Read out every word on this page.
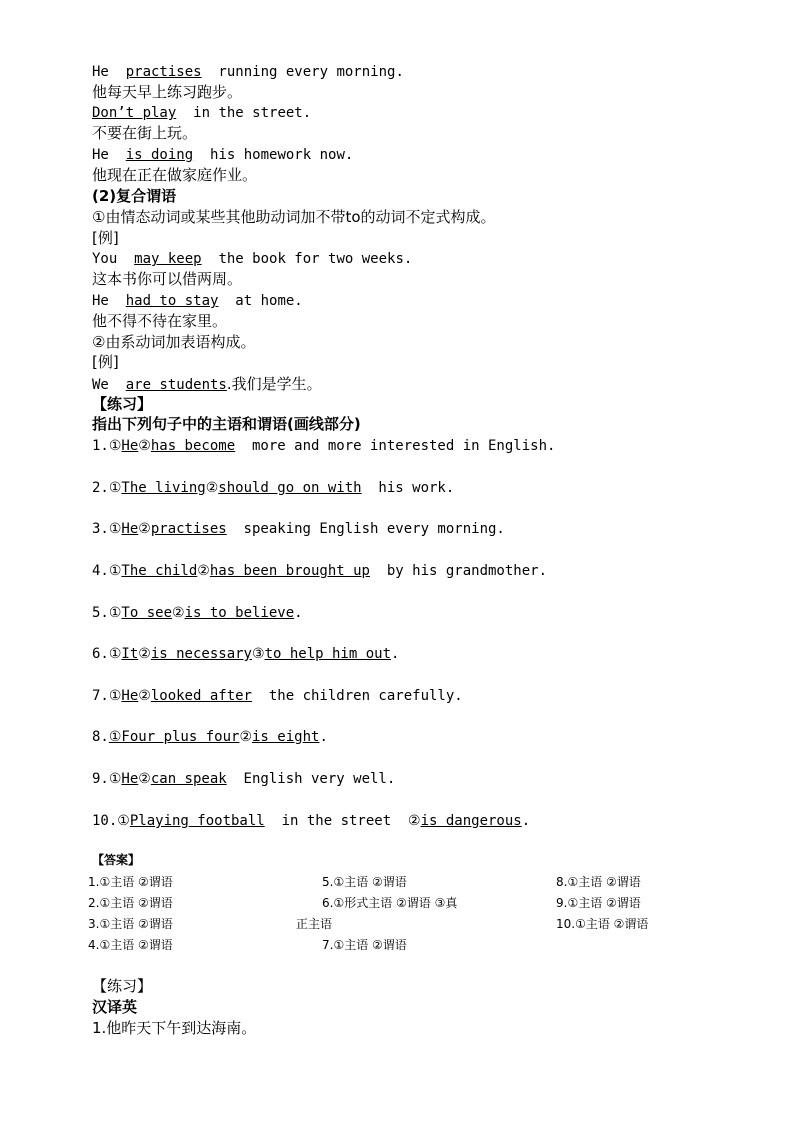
He  practises  running every morning.
他每天早上练习跑步。
Don’t play  in the street.
不要在街上玩。
He  is doing  his homework now.
他现在正在做家庭作业。
(2)复合谓语
①由情态动词或某些其他助动词加不带to的动词不定式构成。
[例]
You  may keep  the book for two weeks.
这本书你可以借两周。
He  had to stay  at home.
他不得不待在家里。
②由系动词加表语构成。
[例]
We  are students.我们是学生。
【练习】
指出下列句子中的主语和谓语(画线部分)
1.①He②has become  more and more interested in English.
2.①The living②should go on with  his work.
3.①He②practises  speaking English every morning.
4.①The child②has been brought up  by his grandmother.
5.①To see②is to believe.
6.①It②is necessary③to help him out.
7.①He②looked after  the children carefully.
8.①Four plus four②is eight.
9.①He②can speak  English very well.
10.①Playing football  in the street  ②is dangerous.
【答案】
1.①主语 ②谓语
2.①主语 ②谓语
3.①主语 ②谓语
4.①主语 ②谓语
5.①主语 ②谓语
6.①形式主语 ②谓语 ③真
正主语
7.①主语 ②谓语
8.①主语 ②谓语
9.①主语 ②谓语
10.①主语 ②谓语
【练习】
汉译英
1.他昨天下午到达海南。
